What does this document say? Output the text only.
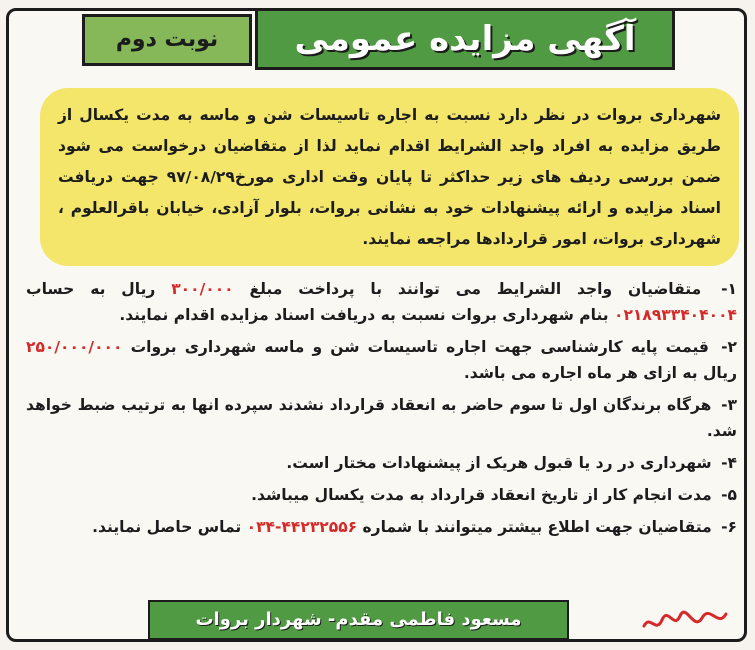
آگهی مزایده عمومی
نوبت دوم
شهرداری بروات در نظر دارد نسبت به اجاره تاسیسات شن و ماسه به مدت یکسال از طریق مزایده به افراد واجد الشرایط اقدام نماید لذا از متقاضیان درخواست می شود ضمن بررسی ردیف های زیر حداکثر تا پایان وقت اداری مورخ۹۷/۰۸/۲۹ جهت دریافت اسناد مزایده و ارائه پیشنهادات خود به نشانی بروات، بلوار آزادی، خیابان باقرالعلوم ، شهرداری بروات، امور قراردادها مراجعه نمایند.

۱- متقاضیان واجد الشرایط می توانند با پرداخت مبلغ ۳۰۰/۰۰۰ ریال به حساب ۰۲۱۸۹۳۳۴۰۴۰۰۴ بنام شهرداری بروات نسبت به دریافت اسناد مزایده اقدام نمایند.

۲- قیمت پایه کارشناسی جهت اجاره تاسیسات شن و ماسه شهرداری بروات ۲۵۰/۰۰۰/۰۰۰ ریال به ازای هر ماه اجاره می باشد.

۳- هرگاه برندگان اول تا سوم حاضر به انعقاد قرارداد نشدند سپرده انها به ترتیب ضبط خواهد شد.

۴- شهرداری در رد یا قبول هریک از پیشنهادات مختار است.

۵- مدت انجام کار از تاریخ انعقاد قرارداد به مدت یکسال میباشد.

۶- متقاضیان جهت اطلاع بیشتر میتوانند با شماره ۰۳۴-۴۴۲۳۲۵۵۶ تماس حاصل نمایند.

مسعود فاطمی مقدم- شهردار بروات
